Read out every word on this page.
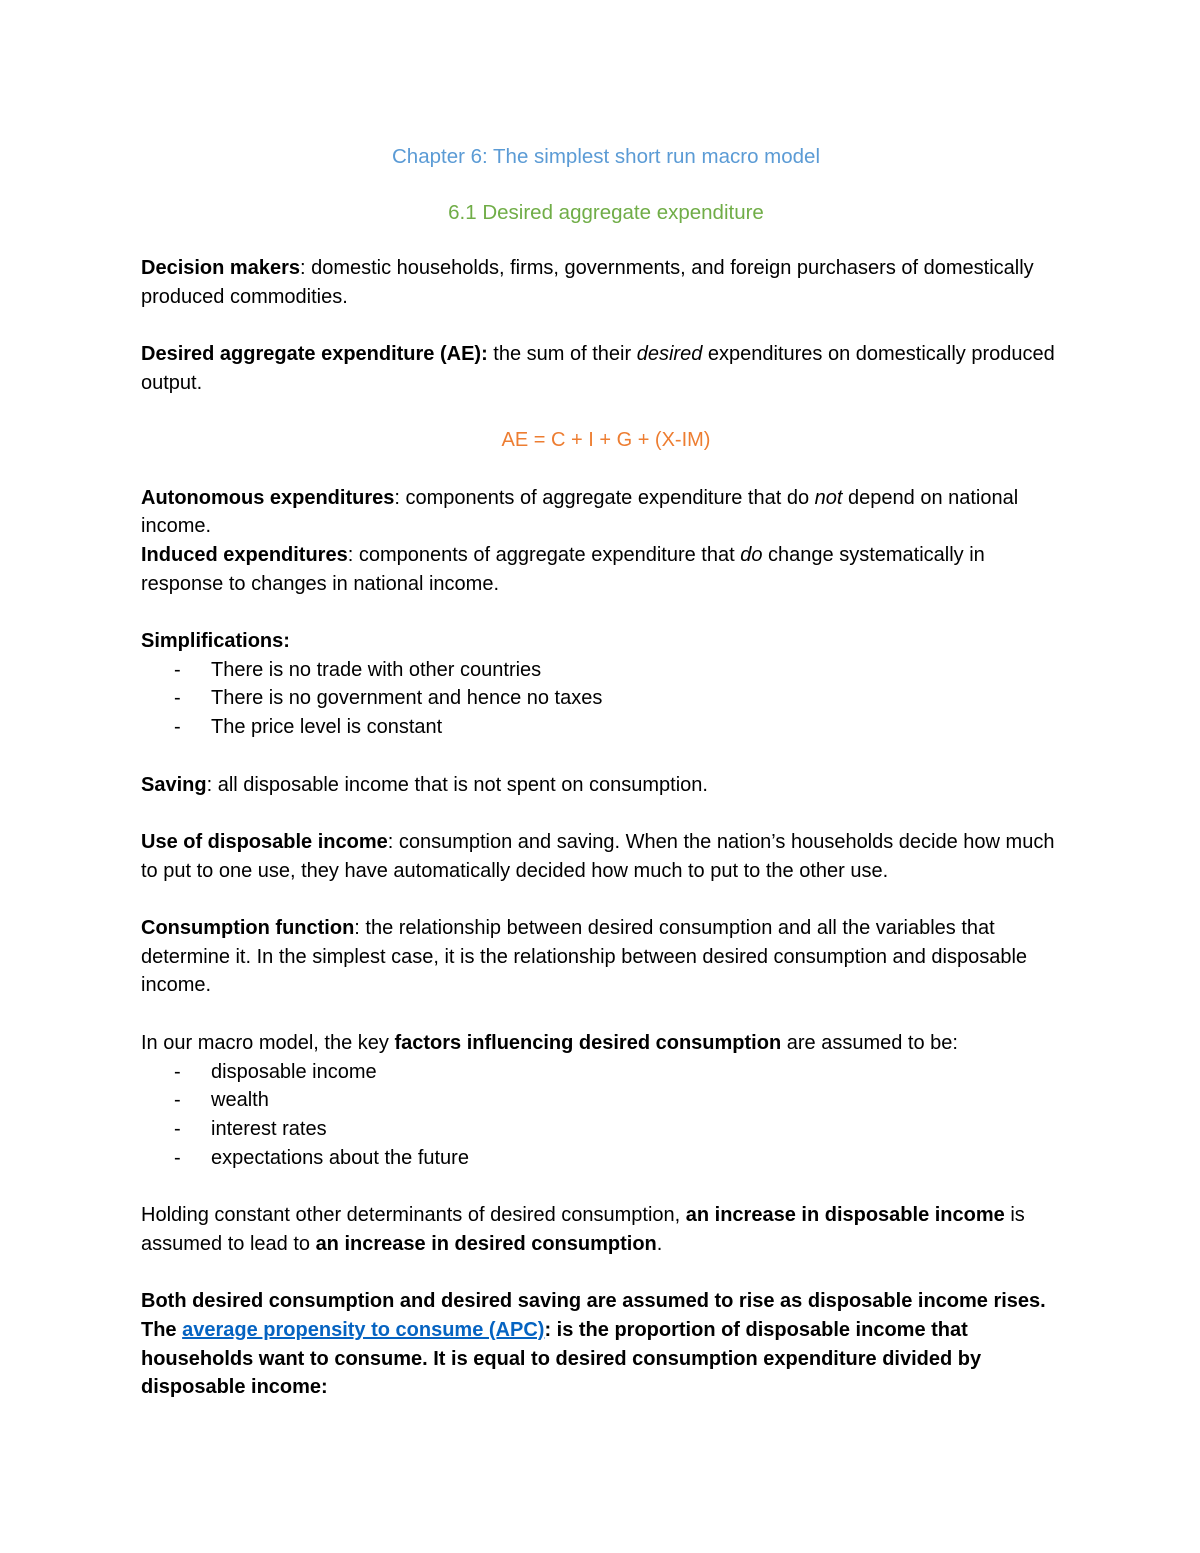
Chapter 6: The simplest short run macro model
6.1 Desired aggregate expenditure

Decision makers: domestic households, firms, governments, and foreign purchasers of domestically produced commodities.

Desired aggregate expenditure (AE): the sum of their desired expenditures on domestically produced output.

AE = C + I + G + (X-IM)

Autonomous expenditures: components of aggregate expenditure that do not depend on national income.

Induced expenditures: components of aggregate expenditure that do change systematically in response to changes in national income.

Simplifications:

- There is no trade with other countries
- There is no government and hence no taxes
- The price level is constant

Saving: all disposable income that is not spent on consumption.

Use of disposable income: consumption and saving. When the nation’s households decide how much to put to one use, they have automatically decided how much to put to the other use.

Consumption function: the relationship between desired consumption and all the variables that determine it. In the simplest case, it is the relationship between desired consumption and disposable income.

In our macro model, the key factors influencing desired consumption are assumed to be:

- disposable income
- wealth
- interest rates
- expectations about the future

Holding constant other determinants of desired consumption, an increase in disposable income is assumed to lead to an increase in desired consumption.

Both desired consumption and desired saving are assumed to rise as disposable income rises.

The average propensity to consume (APC): is the proportion of disposable income that households want to consume. It is equal to desired consumption expenditure divided by disposable income:
